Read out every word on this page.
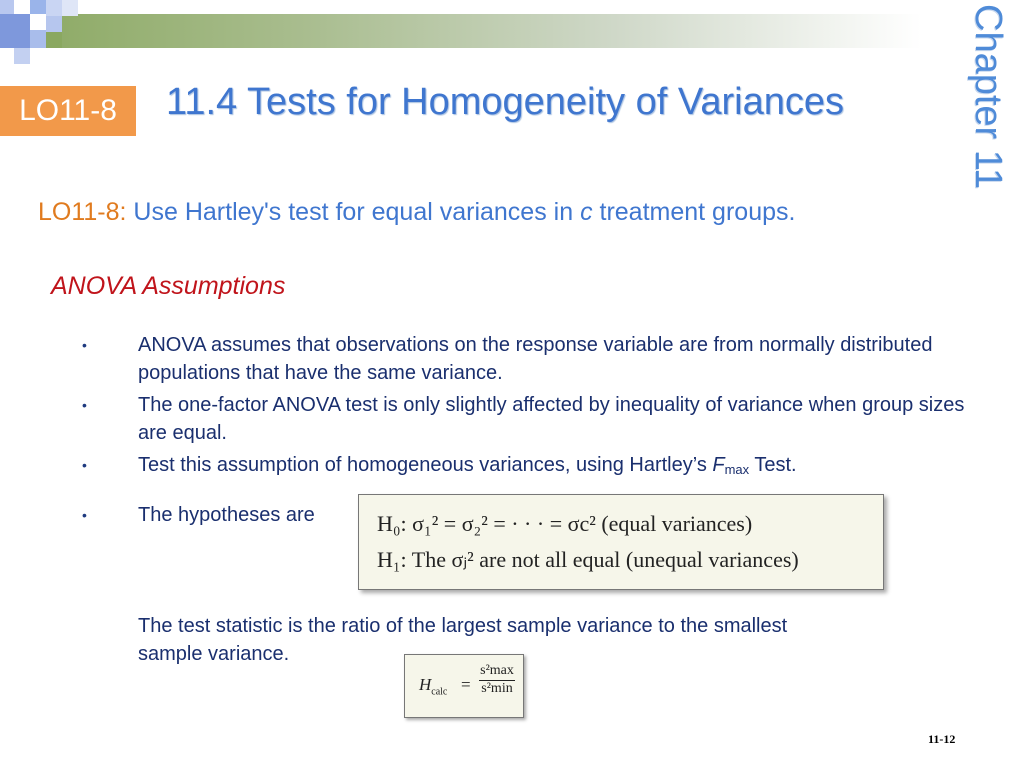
Chapter 11
LO11-8	11.4 Tests for Homogeneity of Variances
LO11-8: Use Hartley's test for equal variances in c treatment groups.
ANOVA Assumptions
•	ANOVA assumes that observations on the response variable are from normally distributed populations that have the same variance.
•	The one-factor ANOVA test is only slightly affected by inequality of variance when group sizes are equal.
•	Test this assumption of homogeneous variances, using Hartley’s $F_{max}$ Test.
•	The hypotheses are	H₀: σ₁² = σ₂² = · · · = σc² (equal variances)
H₁: The σⱼ² are not all equal (unequal variances)
The test statistic is the ratio of the largest sample variance to the smallest sample variance.
$H_{calc}$ =
s²max
s²min
11-12
